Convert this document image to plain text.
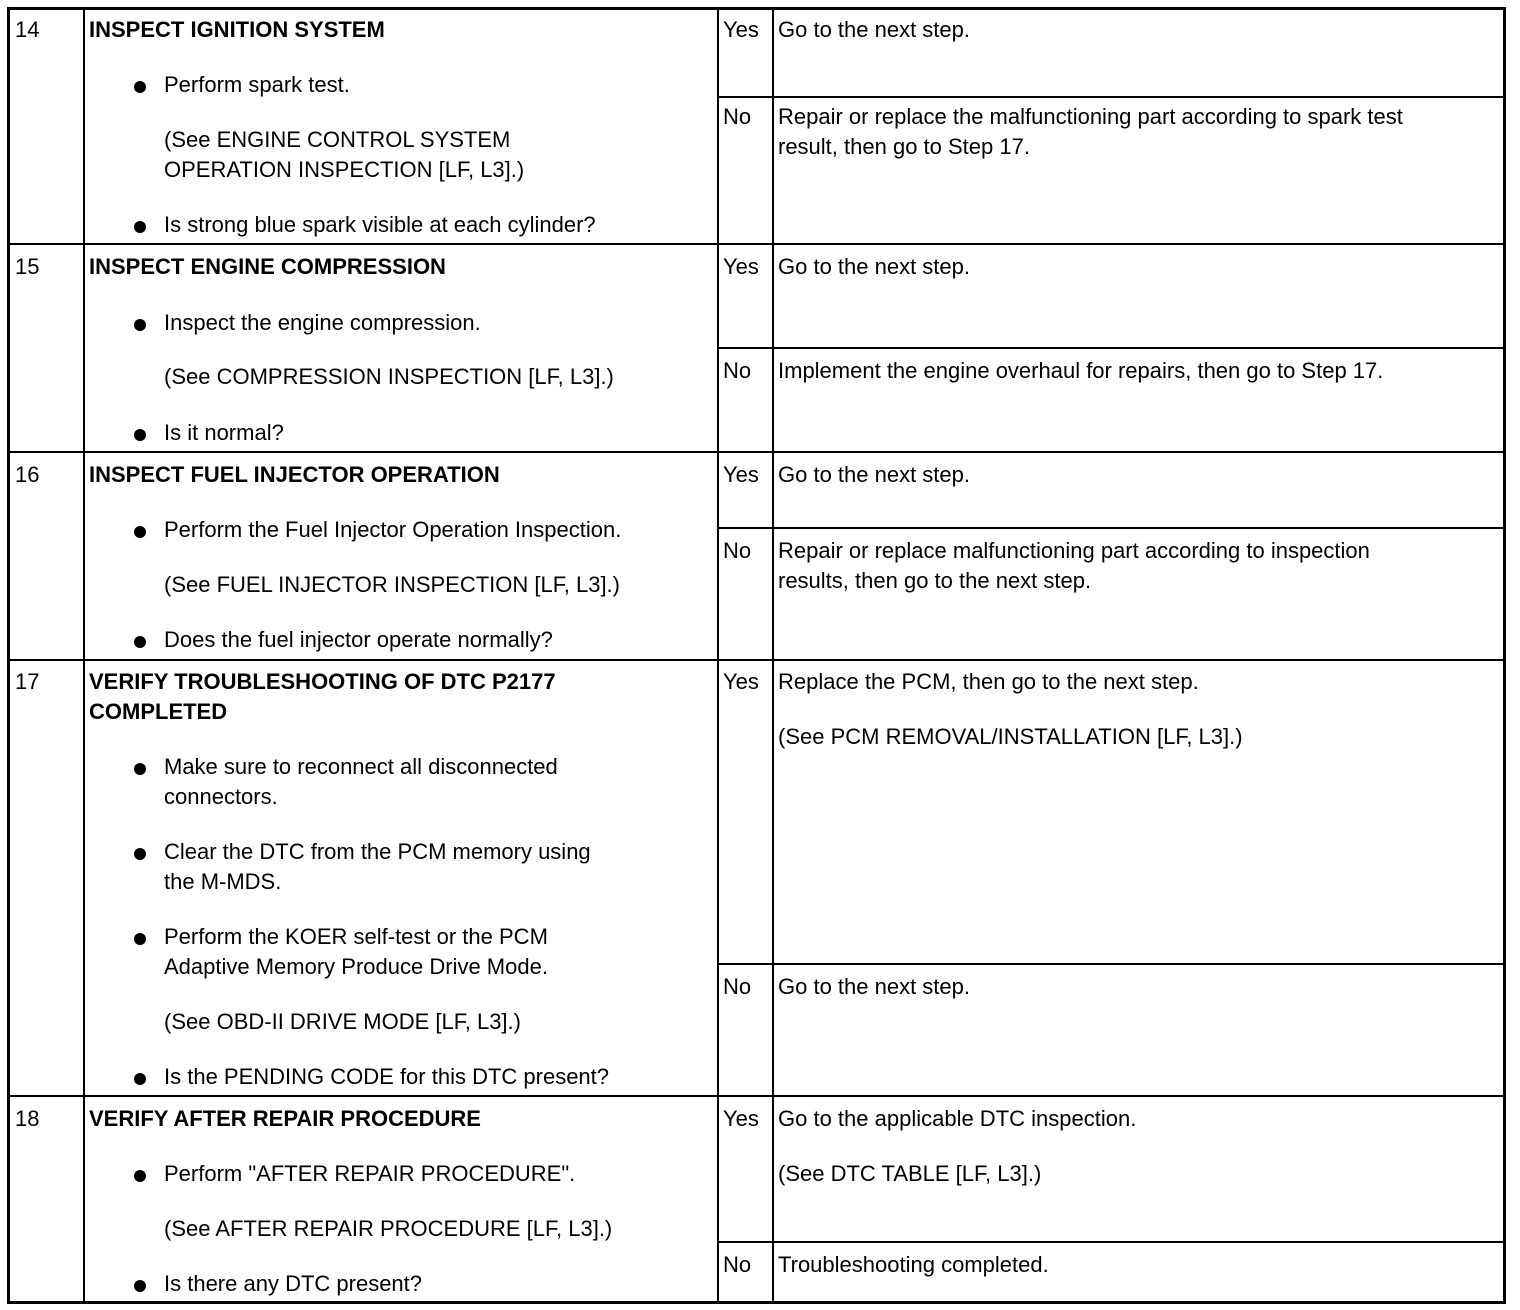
14 INSPECT IGNITION SYSTEM
Perform spark test.
(See ENGINE CONTROL SYSTEM
OPERATION INSPECTION [LF, L3].)
Is strong blue spark visible at each cylinder?
Yes Go to the next step.
No Repair or replace the malfunctioning part according to spark test
result, then go to Step 17.
15 INSPECT ENGINE COMPRESSION
Inspect the engine compression.
(See COMPRESSION INSPECTION [LF, L3].)
Is it normal?
Yes Go to the next step.
No Implement the engine overhaul for repairs, then go to Step 17.
16 INSPECT FUEL INJECTOR OPERATION
Perform the Fuel Injector Operation Inspection.
(See FUEL INJECTOR INSPECTION [LF, L3].)
Does the fuel injector operate normally?
Yes Go to the next step.
No Repair or replace malfunctioning part according to inspection
results, then go to the next step.
17 VERIFY TROUBLESHOOTING OF DTC P2177
COMPLETED
Make sure to reconnect all disconnected
connectors.
Clear the DTC from the PCM memory using
the M-MDS.
Perform the KOER self-test or the PCM
Adaptive Memory Produce Drive Mode.
(See OBD-II DRIVE MODE [LF, L3].)
Is the PENDING CODE for this DTC present?
Yes Replace the PCM, then go to the next step.
(See PCM REMOVAL/INSTALLATION [LF, L3].)
No Go to the next step.
18 VERIFY AFTER REPAIR PROCEDURE
Perform "AFTER REPAIR PROCEDURE".
(See AFTER REPAIR PROCEDURE [LF, L3].)
Is there any DTC present?
Yes Go to the applicable DTC inspection.
(See DTC TABLE [LF, L3].)
No Troubleshooting completed.
